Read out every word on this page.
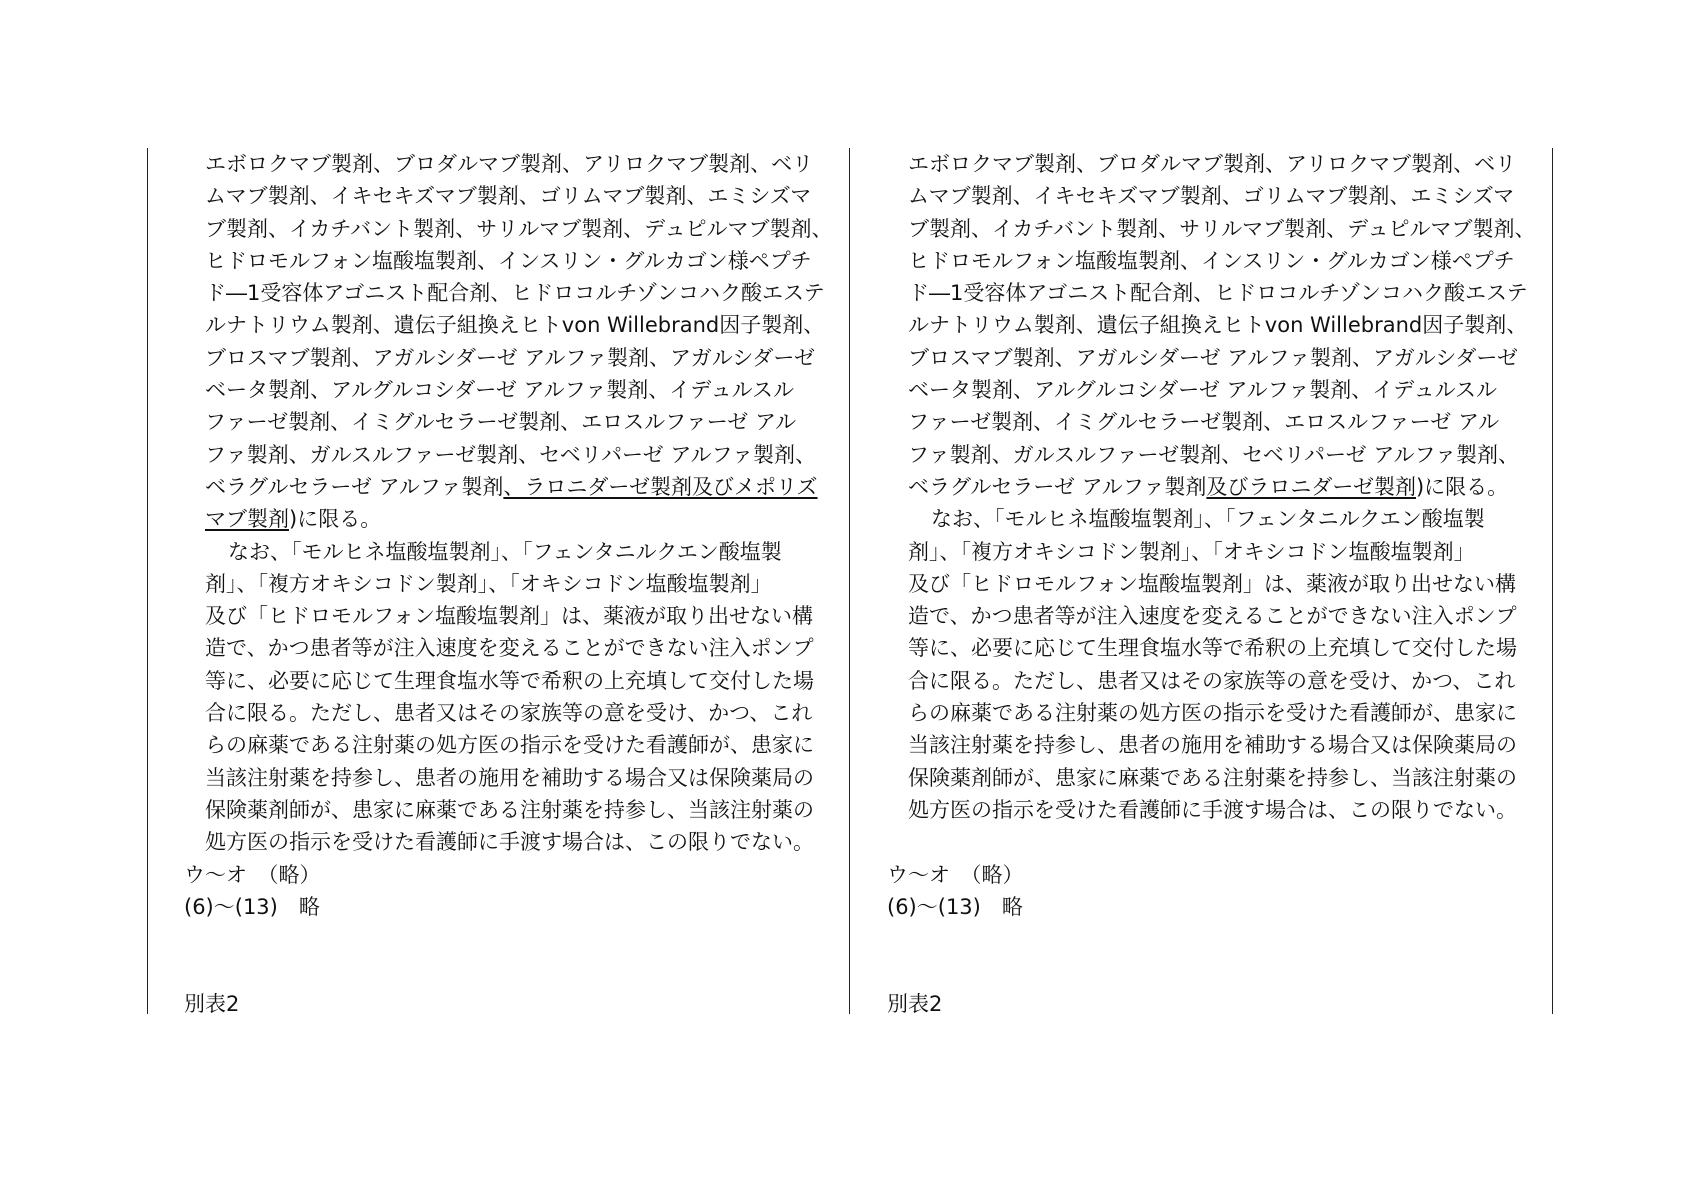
エボロクマブ製剤、ブロダルマブ製剤、アリロクマブ製剤、ベリ
ムマブ製剤、イキセキズマブ製剤、ゴリムマブ製剤、エミシズマ
ブ製剤、イカチバント製剤、サリルマブ製剤、デュピルマブ製剤、
ヒドロモルフォン塩酸塩製剤、インスリン・グルカゴン様ペプチ
ド―1受容体アゴニスト配合剤、ヒドロコルチゾンコハク酸エステ
ルナトリウム製剤、遺伝子組換えヒトvon Willebrand因子製剤、
ブロスマブ製剤、アガルシダーゼ アルファ製剤、アガルシダーゼ
ベータ製剤、アルグルコシダーゼ アルファ製剤、イデュルスル
ファーゼ製剤、イミグルセラーゼ製剤、エロスルファーゼ アル
ファ製剤、ガルスルファーゼ製剤、セベリパーゼ アルファ製剤、
ベラグルセラーゼ アルファ製剤、ラロニダーゼ製剤及びメポリズ
マブ製剤)に限る。
なお、「モルヒネ塩酸塩製剤」、「フェンタニルクエン酸塩製
剤」、「複方オキシコドン製剤」、「オキシコドン塩酸塩製剤」
及び「ヒドロモルフォン塩酸塩製剤」は、薬液が取り出せない構
造で、かつ患者等が注入速度を変えることができない注入ポンプ
等に、必要に応じて生理食塩水等で希釈の上充填して交付した場
合に限る。ただし、患者又はその家族等の意を受け、かつ、これ
らの麻薬である注射薬の処方医の指示を受けた看護師が、患家に
当該注射薬を持参し、患者の施用を補助する場合又は保険薬局の
保険薬剤師が、患家に麻薬である注射薬を持参し、当該注射薬の
処方医の指示を受けた看護師に手渡す場合は、この限りでない。
ウ～オ　（略）
(6)～(13)　略
別表2
エボロクマブ製剤、ブロダルマブ製剤、アリロクマブ製剤、ベリ
ムマブ製剤、イキセキズマブ製剤、ゴリムマブ製剤、エミシズマ
ブ製剤、イカチバント製剤、サリルマブ製剤、デュピルマブ製剤、
ヒドロモルフォン塩酸塩製剤、インスリン・グルカゴン様ペプチ
ド―1受容体アゴニスト配合剤、ヒドロコルチゾンコハク酸エステ
ルナトリウム製剤、遺伝子組換えヒトvon Willebrand因子製剤、
ブロスマブ製剤、アガルシダーゼ アルファ製剤、アガルシダーゼ
ベータ製剤、アルグルコシダーゼ アルファ製剤、イデュルスル
ファーゼ製剤、イミグルセラーゼ製剤、エロスルファーゼ アル
ファ製剤、ガルスルファーゼ製剤、セベリパーゼ アルファ製剤、
ベラグルセラーゼ アルファ製剤及びラロニダーゼ製剤)に限る。
なお、「モルヒネ塩酸塩製剤」、「フェンタニルクエン酸塩製
剤」、「複方オキシコドン製剤」、「オキシコドン塩酸塩製剤」
及び「ヒドロモルフォン塩酸塩製剤」は、薬液が取り出せない構
造で、かつ患者等が注入速度を変えることができない注入ポンプ
等に、必要に応じて生理食塩水等で希釈の上充填して交付した場
合に限る。ただし、患者又はその家族等の意を受け、かつ、これ
らの麻薬である注射薬の処方医の指示を受けた看護師が、患家に
当該注射薬を持参し、患者の施用を補助する場合又は保険薬局の
保険薬剤師が、患家に麻薬である注射薬を持参し、当該注射薬の
処方医の指示を受けた看護師に手渡す場合は、この限りでない。
ウ～オ　（略）
(6)～(13)　略
別表2
